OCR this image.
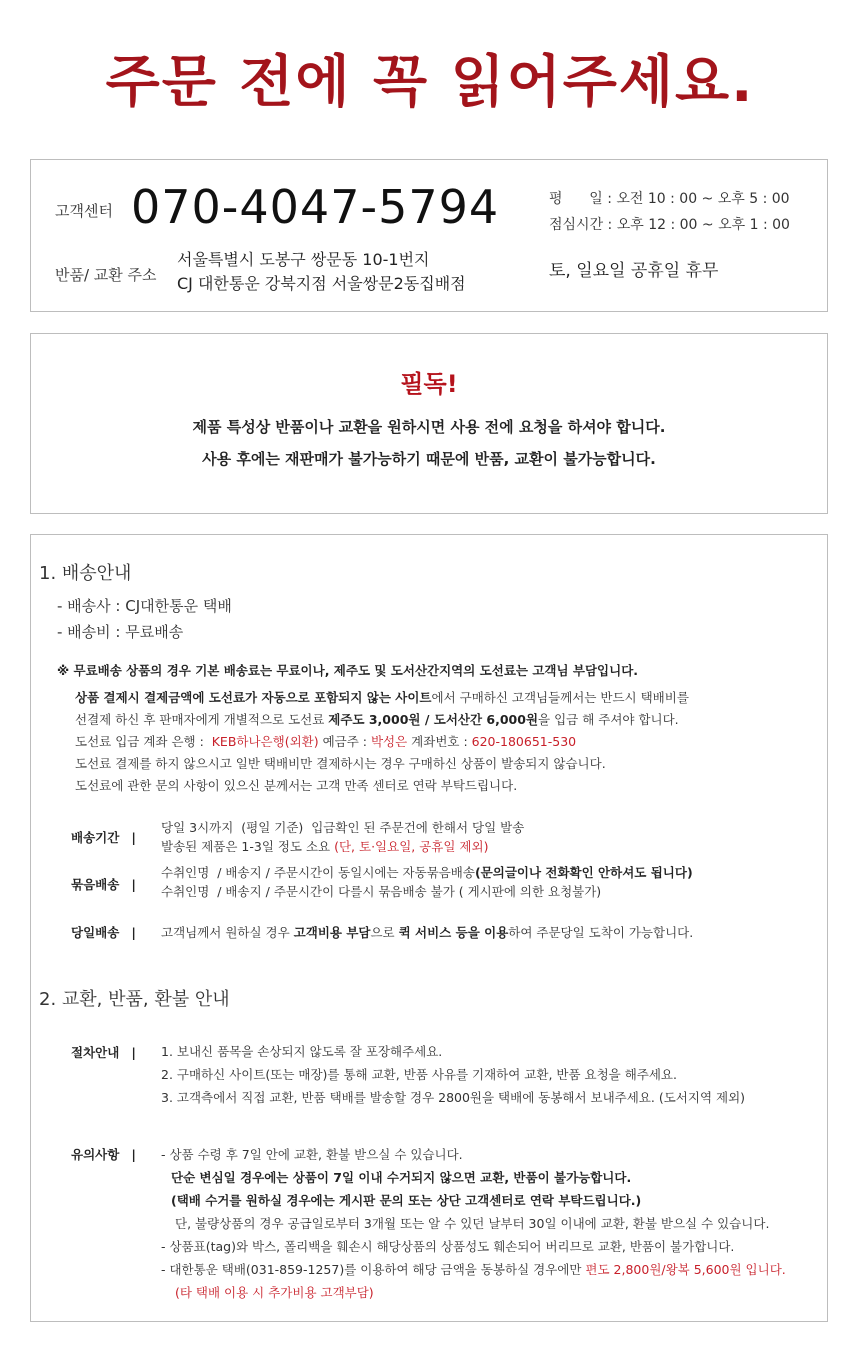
주문 전에 꼭 읽어주세요.
고객센터 070-4047-5794
반품/ 교환 주소
서울특별시 도봉구 쌍문동 10-1번지
CJ 대한통운 강북지점 서울쌍문2동집배점
평      일 : 오전 10 : 00 ~ 오후 5 : 00
점심시간 : 오후 12 : 00 ~ 오후 1 : 00
토, 일요일 공휴일 휴무
필독!
제품 특성상 반품이나 교환을 원하시면 사용 전에 요청을 하셔야 합니다.
사용 후에는 재판매가 불가능하기 때문에 반품, 교환이 불가능합니다.
1. 배송안내
- 배송사 : CJ대한통운 택배
- 배송비 : 무료배송
※ 무료배송 상품의 경우 기본 배송료는 무료이나, 제주도 및 도서산간지역의 도선료는 고객님 부담입니다.
상품 결제시 결제금액에 도선료가 자동으로 포함되지 않는 사이트에서 구매하신 고객님들께서는 반드시 택배비를
선결제 하신 후 판매자에게 개별적으로 도선료 제주도 3,000원 / 도서산간 6,000원을 입금 해 주셔야 합니다.
도선료 입금 계좌 은행 :  KEB하나은행(외환) 예금주 : 박성은 계좌번호 : 620-180651-530
도선료 결제를 하지 않으시고 일반 택배비만 결제하시는 경우 구매하신 상품이 발송되지 않습니다.
도선료에 관한 문의 사항이 있으신 분께서는 고객 만족 센터로 연락 부탁드립니다.
배송기간 |
당일 3시까지  (평일 기준)  입금확인 된 주문건에 한해서 당일 발송
발송된 제품은 1-3일 정도 소요 (단, 토·일요일, 공휴일 제외)
묶음배송 |
수취인명  / 배송지 / 주문시간이 동일시에는 자동묶음배송(문의글이나 전화확인 안하셔도 됩니다)
수취인명  / 배송지 / 주문시간이 다를시 묶음배송 불가 ( 게시판에 의한 요청불가)
당일배송 |	고객님께서 원하실 경우 고객비용 부담으로 퀵 서비스 등을 이용하여 주문당일 도착이 가능합니다.
2. 교환, 반품, 환불 안내
절차안내 |	1. 보내신 품목을 손상되지 않도록 잘 포장해주세요.
2. 구매하신 사이트(또는 매장)를 통해 교환, 반품 사유를 기재하여 교환, 반품 요청을 해주세요.
3. 고객측에서 직접 교환, 반품 택배를 발송할 경우 2800원을 택배에 동봉해서 보내주세요. (도서지역 제외)
유의사항 |	- 상품 수령 후 7일 안에 교환, 환불 받으실 수 있습니다.
단순 변심일 경우에는 상품이 7일 이내 수거되지 않으면 교환, 반품이 불가능합니다.
(택배 수거를 원하실 경우에는 게시판 문의 또는 상단 고객센터로 연락 부탁드립니다.)
단, 불량상품의 경우 공급일로부터 3개월 또는 알 수 있던 날부터 30일 이내에 교환, 환불 받으실 수 있습니다.
- 상품표(tag)와 박스, 폴리백을 훼손시 해당상품의 상품성도 훼손되어 버리므로 교환, 반품이 불가합니다.
- 대한통운 택배(031-859-1257)를 이용하여 해당 금액을 동봉하실 경우에만 편도 2,800원/왕복 5,600원 입니다.
(타 택배 이용 시 추가비용 고객부담)
